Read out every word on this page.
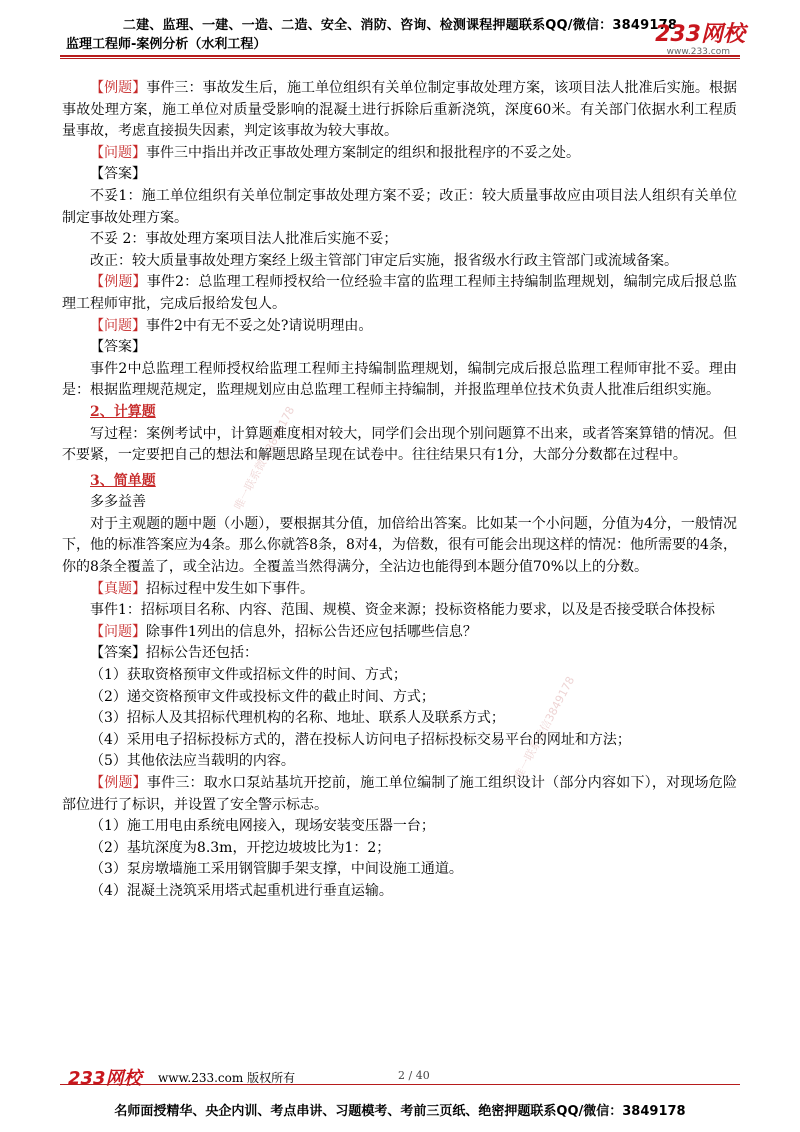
二建、监理、一建、一造、二造、安全、消防、咨询、检测课程押题联系QQ/微信：3849178
监理工程师-案例分析（水利工程）	233网校
www.233.com
唯一联系微信3849178
唯一联系微信3849178

【例题】事件三：事故发生后，施工单位组织有关单位制定事故处理方案，该项目法人批准后实施。根据事故处理方案，施工单位对质量受影响的混凝土进行拆除后重新浇筑，深度60米。有关部门依据水利工程质量事故，考虑直接损失因素，判定该事故为较大事故。

【问题】事件三中指出并改正事故处理方案制定的组织和报批程序的不妥之处。

【答案】

不妥1：施工单位组织有关单位制定事故处理方案不妥；改正：较大质量事故应由项目法人组织有关单位制定事故处理方案。

不妥 2：事故处理方案项目法人批准后实施不妥；

改正：较大质量事故处理方案经上级主管部门审定后实施，报省级水行政主管部门或流域备案。

【例题】事件2：总监理工程师授权给一位经验丰富的监理工程师主持编制监理规划，编制完成后报总监理工程师审批，完成后报给发包人。

【问题】事件2中有无不妥之处?请说明理由。

【答案】

事件2中总监理工程师授权给监理工程师主持编制监理规划，编制完成后报总监理工程师审批不妥。理由是：根据监理规范规定，监理规划应由总监理工程师主持编制，并报监理单位技术负责人批准后组织实施。

2、计算题

写过程：案例考试中，计算题难度相对较大，同学们会出现个别问题算不出来，或者答案算错的情况。但不要紧，一定要把自己的想法和解题思路呈现在试卷中。往往结果只有1分，大部分分数都在过程中。

3、简单题

多多益善

对于主观题的题中题（小题），要根据其分值，加倍给出答案。比如某一个小问题，分值为4分，一般情况下，他的标准答案应为4条。那么你就答8条，8对4，为倍数，很有可能会出现这样的情况：他所需要的4条，你的8条全覆盖了，或全沾边。全覆盖当然得满分，全沾边也能得到本题分值70%以上的分数。

【真题】招标过程中发生如下事件。

事件1：招标项目名称、内容、范围、规模、资金来源；投标资格能力要求，以及是否接受联合体投标

【问题】除事件1列出的信息外，招标公告还应包括哪些信息？

【答案】招标公告还包括：

（1）获取资格预审文件或招标文件的时间、方式；

（2）递交资格预审文件或投标文件的截止时间、方式；

（3）招标人及其招标代理机构的名称、地址、联系人及联系方式；

（4）采用电子招标投标方式的，潜在投标人访问电子招标投标交易平台的网址和方法；

（5）其他依法应当载明的内容。

【例题】事件三：取水口泵站基坑开挖前，施工单位编制了施工组织设计（部分内容如下），对现场危险部位进行了标识，并设置了安全警示标志。

（1）施工用电由系统电网接入，现场安装变压器一台；

（2）基坑深度为8.3m，开挖边坡坡比为1：2；

（3）泵房墩墙施工采用钢管脚手架支撑，中间设施工通道。

（4）混凝土浇筑采用塔式起重机进行垂直运输。

233网校 www.233.com 版权所有	2 / 40
名师面授精华、央企内训、考点串讲、习题模考、考前三页纸、绝密押题联系QQ/微信：3849178
